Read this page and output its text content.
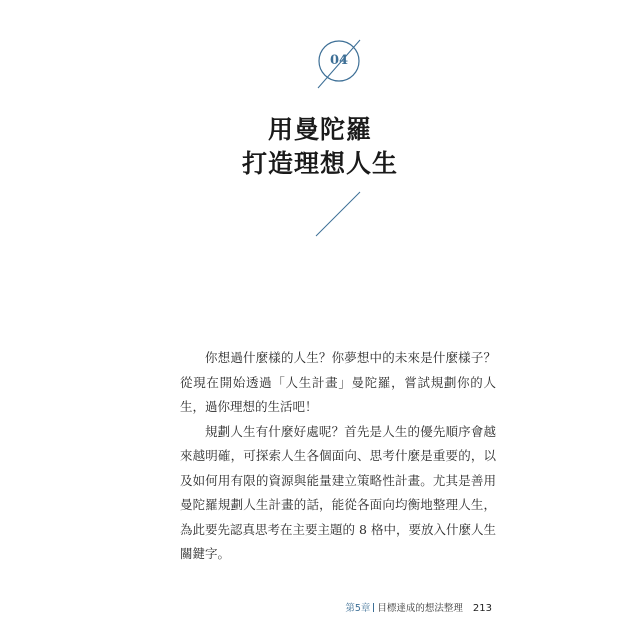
04
用曼陀羅
打造理想人生

你想過什麼樣的人生？你夢想中的未來是什麼樣子？從現在開始透過「人生計畫」曼陀羅，嘗試規劃你的人生，過你理想的生活吧！

規劃人生有什麼好處呢？首先是人生的優先順序會越來越明確，可探索人生各個面向、思考什麼是重要的，以及如何用有限的資源與能量建立策略性計畫。尤其是善用曼陀羅規劃人生計畫的話，能從各面向均衡地整理人生，為此要先認真思考在主要主題的 8 格中，要放入什麼人生關鍵字。

第5章 目標達成的想法整理 213
